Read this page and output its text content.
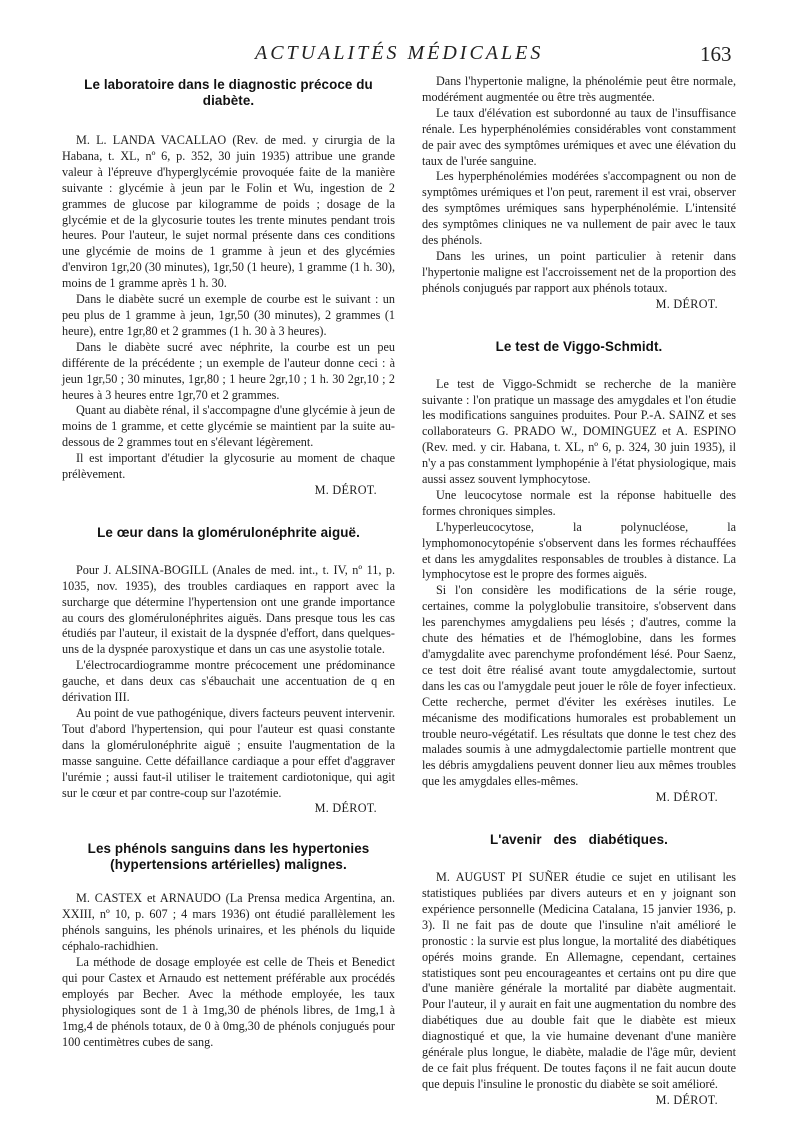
ACTUALITÉS MÉDICALES	163
Le laboratoire dans le diagnostic précoce du diabète.

M. L. LANDA VACALLAO (Rev. de med. y cirurgia de la Habana, t. XL, nº 6, p. 352, 30 juin 1935) attribue une grande valeur à l'épreuve d'hyperglycémie provoquée faite de la manière suivante : glycémie à jeun par le Folin et Wu, ingestion de 2 grammes de glucose par kilogramme de poids ; dosage de la glycémie et de la glycosurie toutes les trente minutes pendant trois heures. Pour l'auteur, le sujet normal présente dans ces conditions une glycémie de moins de 1 gramme à jeun et des glycémies d'environ 1gr,20 (30 minutes), 1gr,50 (1 heure), 1 gramme (1 h. 30), moins de 1 gramme après 1 h. 30.

Dans le diabète sucré un exemple de courbe est le suivant : un peu plus de 1 gramme à jeun, 1gr,50 (30 minutes), 2 grammes (1 heure), entre 1gr,80 et 2 grammes (1 h. 30 à 3 heures).

Dans le diabète sucré avec néphrite, la courbe est un peu différente de la précédente ; un exemple de l'auteur donne ceci : à jeun 1gr,50 ; 30 minutes, 1gr,80 ; 1 heure 2gr,10 ; 1 h. 30 2gr,10 ; 2 heures à 3 heures entre 1gr,70 et 2 grammes.

Quant au diabète rénal, il s'accompagne d'une glycémie à jeun de moins de 1 gramme, et cette glycémie se maintient par la suite au-dessous de 2 grammes tout en s'élevant légèrement.

Il est important d'étudier la glycosurie au moment de chaque prélèvement.

M. DÉROT.

Le œur dans la glomérulonéphrite aiguë.

Pour J. ALSINA-BOGILL (Anales de med. int., t. IV, nº 11, p. 1035, nov. 1935), des troubles cardiaques en rapport avec la surcharge que détermine l'hypertension ont une grande importance au cours des glomérulonéphrites aiguës. Dans presque tous les cas étudiés par l'auteur, il existait de la dyspnée d'effort, dans quelques-uns de la dyspnée paroxystique et dans un cas une asystolie totale.

L'électrocardiogramme montre précocement une prédominance gauche, et dans deux cas s'ébauchait une accentuation de q en dérivation III.

Au point de vue pathogénique, divers facteurs peuvent intervenir. Tout d'abord l'hypertension, qui pour l'auteur est quasi constante dans la glomérulonéphrite aiguë ; ensuite l'augmentation de la masse sanguine. Cette défaillance cardiaque a pour effet d'aggraver l'urémie ; aussi faut-il utiliser le traitement cardiotonique, qui agit sur le cœur et par contre-coup sur l'azotémie.

M. DÉROT.

Les phénols sanguins dans les hypertonies (hypertensions artérielles) malignes.

M. CASTEX et ARNAUDO (La Prensa medica Argentina, an. XXIII, nº 10, p. 607 ; 4 mars 1936) ont étudié parallèlement les phénols sanguins, les phénols urinaires, et les phénols du liquide céphalo-rachidhien.

La méthode de dosage employée est celle de Theis et Benedict qui pour Castex et Arnaudo est nettement préférable aux procédés employés par Becher. Avec la méthode employée, les taux physiologiques sont de 1 à 1mg,30 de phénols libres, de 1mg,1 à 1mg,4 de phénols totaux, de 0 à 0mg,30 de phénols conjugués pour 100 centimètres cubes de sang.

Dans l'hypertonie maligne, la phénolémie peut être normale, modérément augmentée ou être très augmentée.

Le taux d'élévation est subordonné au taux de l'insuffisance rénale. Les hyperphénolémies considérables vont constamment de pair avec des symptômes urémiques et avec une élévation du taux de l'urée sanguine.

Les hyperphénolémies modérées s'accompagnent ou non de symptômes urémiques et l'on peut, rarement il est vrai, observer des symptômes urémiques sans hyperphénolémie. L'intensité des symptômes cliniques ne va nullement de pair avec le taux des phénols.

Dans les urines, un point particulier à retenir dans l'hypertonie maligne est l'accroissement net de la proportion des phénols conjugués par rapport aux phénols totaux.

M. DÉROT.

Le test de Viggo-Schmidt.

Le test de Viggo-Schmidt se recherche de la manière suivante : l'on pratique un massage des amygdales et l'on étudie les modifications sanguines produites. Pour P.-A. SAINZ et ses collaborateurs G. PRADO W., DOMINGUEZ et A. ESPINO (Rev. med. y cir. Habana, t. XL, nº 6, p. 324, 30 juin 1935), il n'y a pas constamment lymphopénie à l'état physiologique, mais aussi assez souvent lymphocytose.

Une leucocytose normale est la réponse habituelle des formes chroniques simples.

L'hyperleucocytose, la polynucléose, la lymphomonocytopénie s'observent dans les formes réchauffées et dans les amygdalites responsables de troubles à distance. La lymphocytose est le propre des formes aiguës.

Si l'on considère les modifications de la série rouge, certaines, comme la polyglobulie transitoire, s'observent dans les parenchymes amygdaliens peu lésés ; d'autres, comme la chute des hématies et de l'hémoglobine, dans les formes d'amygdalite avec parenchyme profondément lésé. Pour Saenz, ce test doit être réalisé avant toute amygdalectomie, surtout dans les cas ou l'amygdale peut jouer le rôle de foyer infectieux. Cette recherche, permet d'éviter les exérèses inutiles. Le mécanisme des modifications humorales est probablement un trouble neuro-végétatif. Les résultats que donne le test chez des malades soumis à une admygdalectomie partielle montrent que les débris amygdaliens peuvent donner lieu aux mêmes troubles que les amygdales elles-mêmes.

M. DÉROT.

L'avenir des diabétiques.

M. AUGUST PI SUÑER étudie ce sujet en utilisant les statistiques publiées par divers auteurs et en y joignant son expérience personnelle (Medicina Catalana, 15 janvier 1936, p. 3). Il ne fait pas de doute que l'insuline n'ait amélioré le pronostic : la survie est plus longue, la mortalité des diabétiques opérés moins grande. En Allemagne, cependant, certaines statistiques sont peu encourageantes et certains ont pu dire que d'une manière générale la mortalité par diabète augmentait. Pour l'auteur, il y aurait en fait une augmentation du nombre des diabétiques due au double fait que le diabète est mieux diagnostiqué et que, la vie humaine devenant d'une manière générale plus longue, le diabète, maladie de l'âge mûr, devient de ce fait plus fréquent. De toutes façons il ne fait aucun doute que depuis l'insuline le pronostic du diabète se soit amélioré.

M. DÉROT.
